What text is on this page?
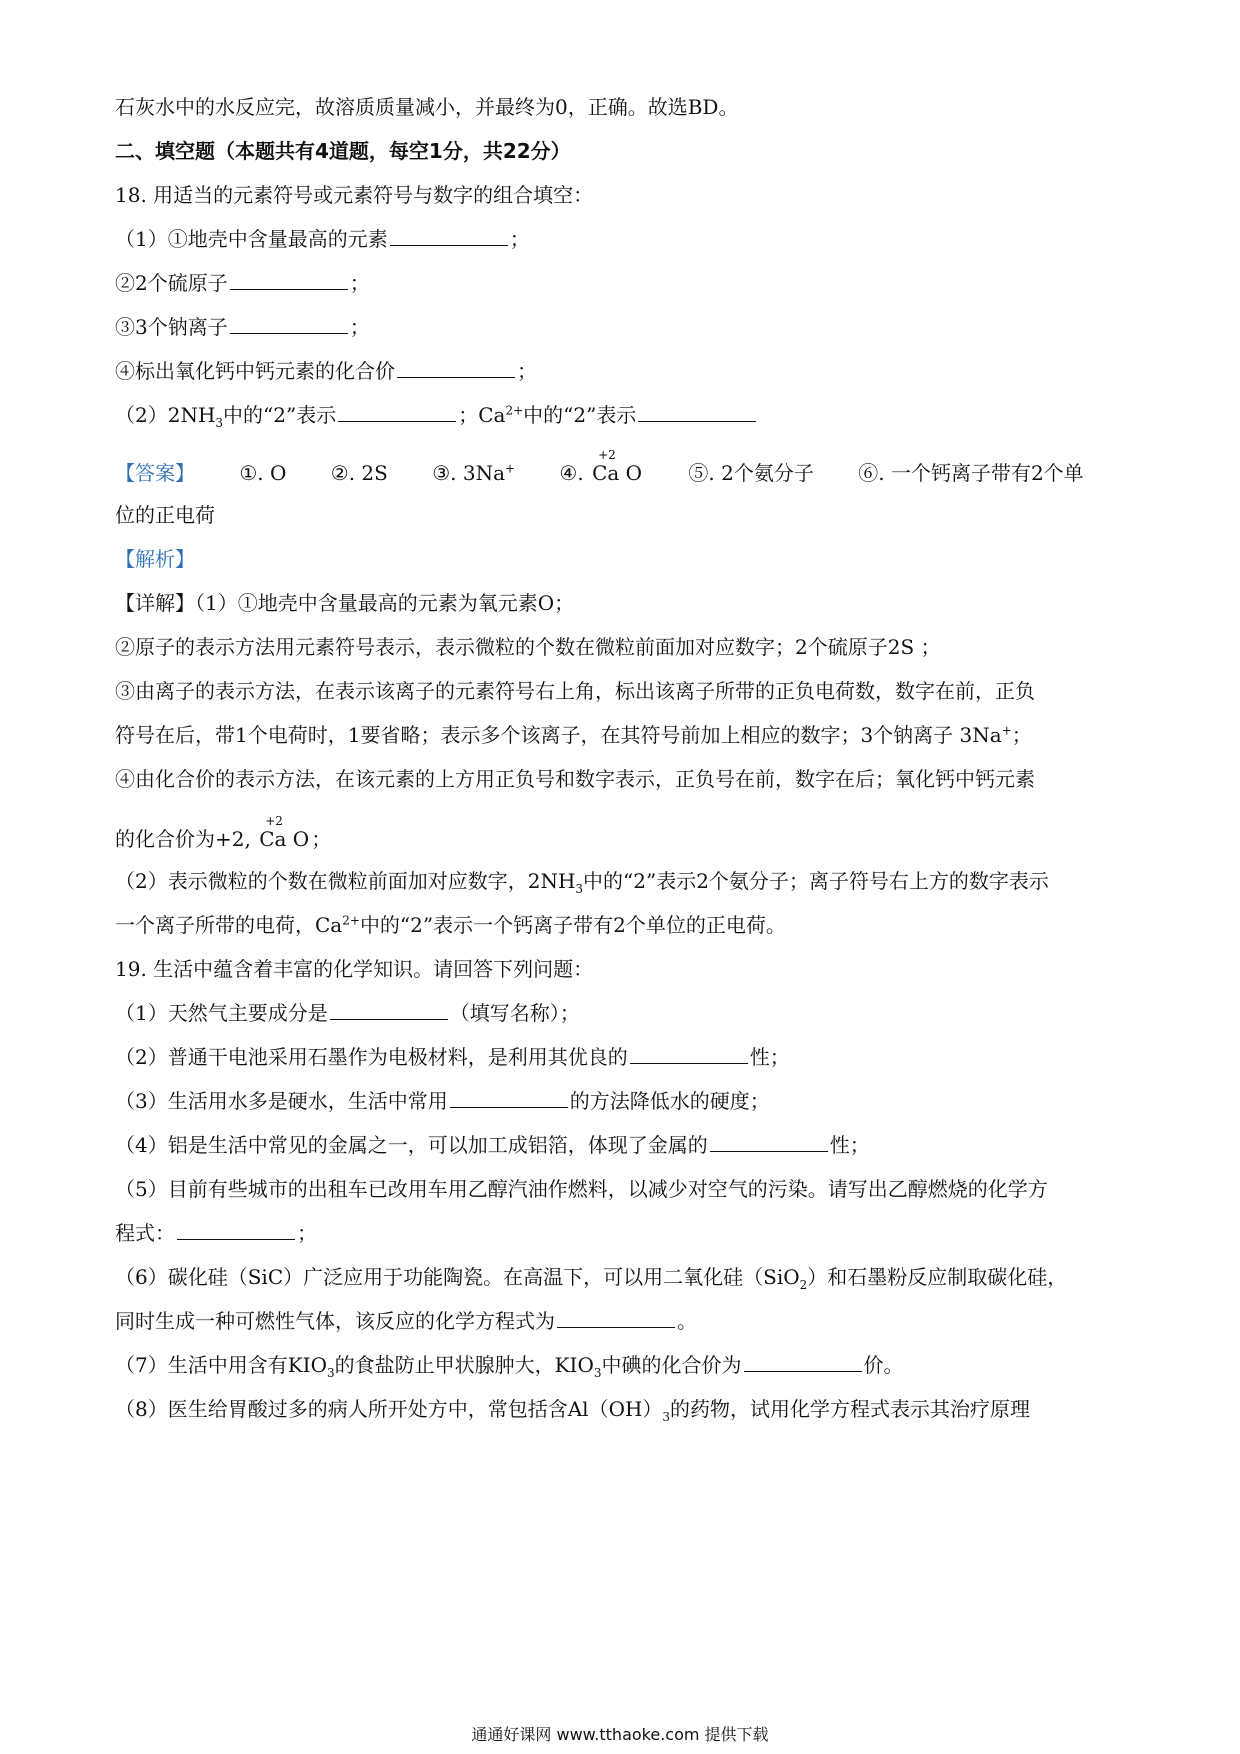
石灰水中的水反应完，故溶质质量减小，并最终为0，正确。故选BD。
二、填空题（本题共有4道题，每空1分，共22分）
18. 用适当的元素符号或元素符号与数字的组合填空：
（1）①地壳中含量最高的元素	；
②2个硫原子	；
③3个钠离子	；
④标出氧化钙中钙元素的化合价	；
$(2)2NH_3$中的“2”表示	；$Ca^{2+}$中的“2”表示
【答案】 ①. O ②. 2S ③. 3Na+ ④.
+2
Ca O ⑤. 2个氨分子 ⑥. 一个钙离子带有2个单
位的正电荷
【解析】
【详解】（1）①地壳中含量最高的元素为氧元素O；
②原子的表示方法用元素符号表示，表示微粒的个数在微粒前面加对应数字；2个硫原子2S ；
③由离子的表示方法，在表示该离子的元素符号右上角，标出该离子所带的正负电荷数，数字在前，正负
符号在后，带1个电荷时，1要省略；表示多个该离子，在其符号前加上相应的数字；3个钠离子 3Na+；
④由化合价的表示方法，在该元素的上方用正负号和数字表示，正负号在前，数字在后；氧化钙中钙元素
的化合价为+2,
+2
Ca O ；
（2）表示微粒的个数在微粒前面加对应数字，$2NH_3$中的“2”表示2个氨分子；离子符号右上方的数字表示
一个离子所带的电荷，$Ca^{2+}$中的“2”表示一个钙离子带有2个单位的正电荷。
19. 生活中蕴含着丰富的化学知识。请回答下列问题：
（1）天然气主要成分是	（填写名称）；
（2）普通干电池采用石墨作为电极材料，是利用其优良的	性；
（3）生活用水多是硬水，生活中常用	的方法降低水的硬度；
（4）铝是生活中常见的金属之一，可以加工成铝箔，体现了金属的	性；
（5）目前有些城市的出租车已改用车用乙醇汽油作燃料，以减少对空气的污染。请写出乙醇燃烧的化学方
程式：	；
（6）碳化硅（SiC）广泛应用于功能陶瓷。在高温下，可以用二氧化硅（SiO$_2$）和石墨粉反应制取碳化硅，
同时生成一种可燃性气体，该反应的化学方程式为	。
（7）生活中用含有$KIO_3$的食盐防止甲状腺肿大，$KIO_3$中碘的化合价为	价。
（8）医生给胃酸过多的病人所开处方中，常包括含$Al(OH)_3$的药物，试用化学方程式表示其治疗原理
通通好课网 www.tthaoke.com 提供下载
